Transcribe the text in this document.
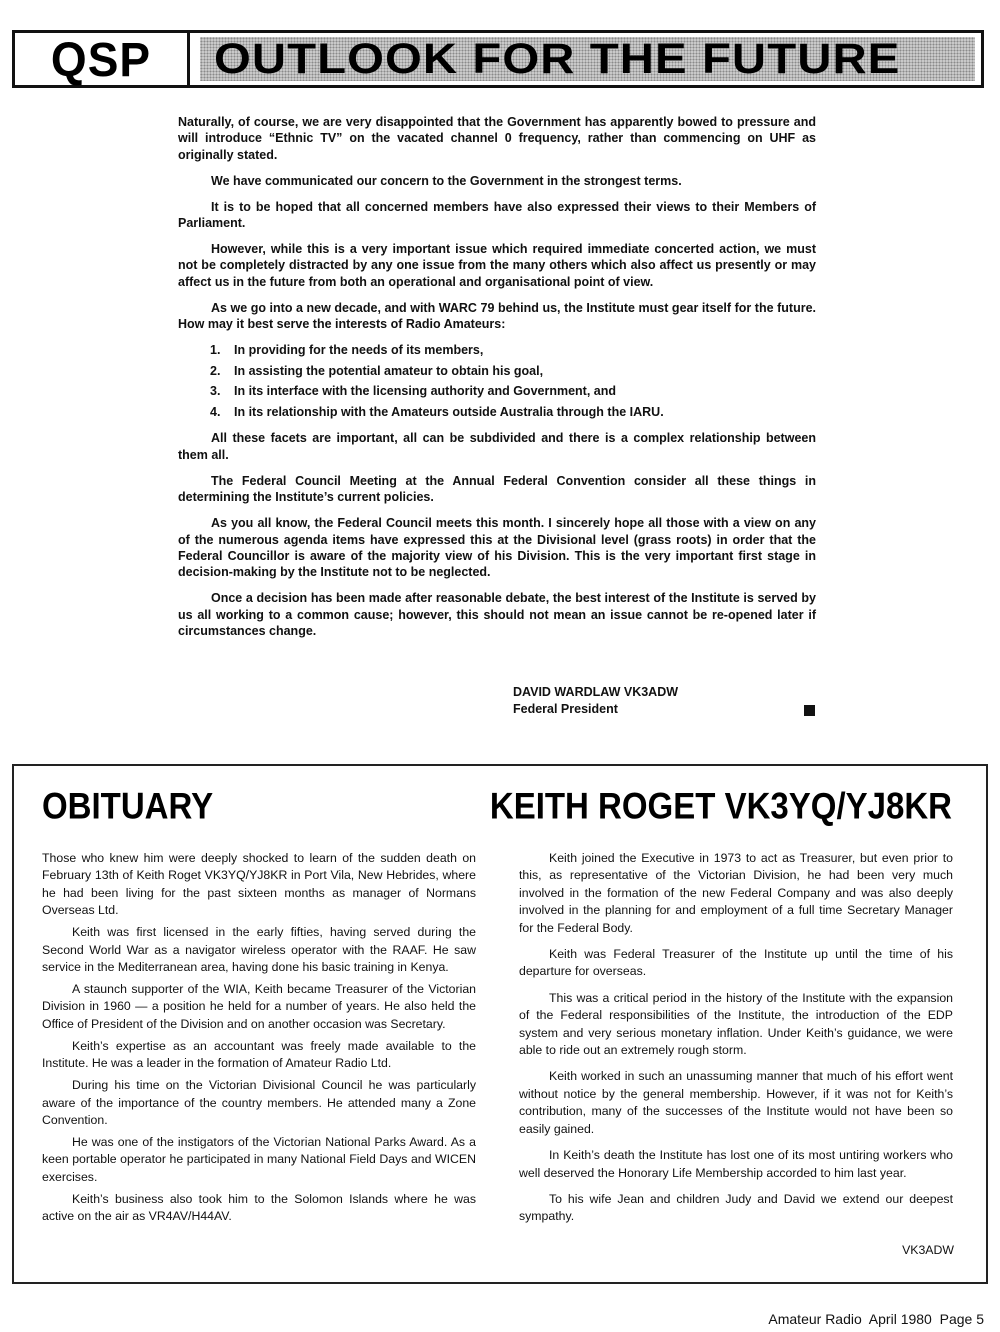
QSP	OUTLOOK FOR THE FUTURE

Naturally, of course, we are very disappointed that the Government has apparently bowed to pressure and will introduce “Ethnic TV” on the vacated channel 0 frequency, rather than commencing on UHF as originally stated.

We have communicated our concern to the Government in the strongest terms.

It is to be hoped that all concerned members have also expressed their views to their Members of Parliament.

However, while this is a very important issue which required immediate concerted action, we must not be completely distracted by any one issue from the many others which also affect us presently or may affect us in the future from both an operational and organisational point of view.

As we go into a new decade, and with WARC 79 behind us, the Institute must gear itself for the future. How may it best serve the interests of Radio Amateurs:

1. In providing for the needs of its members,
2. In assisting the potential amateur to obtain his goal,
3. In its interface with the licensing authority and Government, and
4. In its relationship with the Amateurs outside Australia through the IARU.

All these facets are important, all can be subdivided and there is a complex relationship between them all.

The Federal Council Meeting at the Annual Federal Convention consider all these things in determining the Institute’s current policies.

As you all know, the Federal Council meets this month. I sincerely hope all those with a view on any of the numerous agenda items have expressed this at the Divisional level (grass roots) in order that the Federal Councillor is aware of the majority view of his Division. This is the very important first stage in decision-making by the Institute not to be neglected.

Once a decision has been made after reasonable debate, the best interest of the Institute is served by us all working to a common cause; however, this should not mean an issue cannot be re-opened later if circumstances change.

DAVID WARDLAW VK3ADW
Federal President
OBITUARY	KEITH ROGET VK3YQ/YJ8KR

Those who knew him were deeply shocked to learn of the sudden death on February 13th of Keith Roget VK3YQ/YJ8KR in Port Vila, New Hebrides, where he had been living for the past sixteen months as manager of Normans Overseas Ltd.

Keith was first licensed in the early fifties, having served during the Second World War as a navigator wireless operator with the RAAF. He saw service in the Mediterranean area, having done his basic training in Kenya.

A staunch supporter of the WIA, Keith became Treasurer of the Victorian Division in 1960 — a position he held for a number of years. He also held the Office of President of the Division and on another occasion was Secretary.

Keith’s expertise as an accountant was freely made available to the Institute. He was a leader in the formation of Amateur Radio Ltd.

During his time on the Victorian Divisional Council he was particularly aware of the importance of the country members. He attended many a Zone Convention.

He was one of the instigators of the Victorian National Parks Award. As a keen portable operator he participated in many National Field Days and WICEN exercises.

Keith’s business also took him to the Solomon Islands where he was active on the air as VR4AV/H44AV.

Keith joined the Executive in 1973 to act as Treasurer, but even prior to this, as representative of the Victorian Division, he had been very much involved in the formation of the new Federal Company and was also deeply involved in the planning for and employment of a full time Secretary Manager for the Federal Body.

Keith was Federal Treasurer of the Institute up until the time of his departure for overseas.

This was a critical period in the history of the Institute with the expansion of the Federal responsibilities of the Institute, the introduction of the EDP system and very serious monetary inflation. Under Keith’s guidance, we were able to ride out an extremely rough storm.

Keith worked in such an unassuming manner that much of his effort went without notice by the general membership. However, if it was not for Keith’s contribution, many of the successes of the Institute would not have been so easily gained.

In Keith’s death the Institute has lost one of its most untiring workers who well deserved the Honorary Life Membership accorded to him last year.

To his wife Jean and children Judy and David we extend our deepest sympathy.

VK3ADW
Amateur Radio April 1980 Page 5
